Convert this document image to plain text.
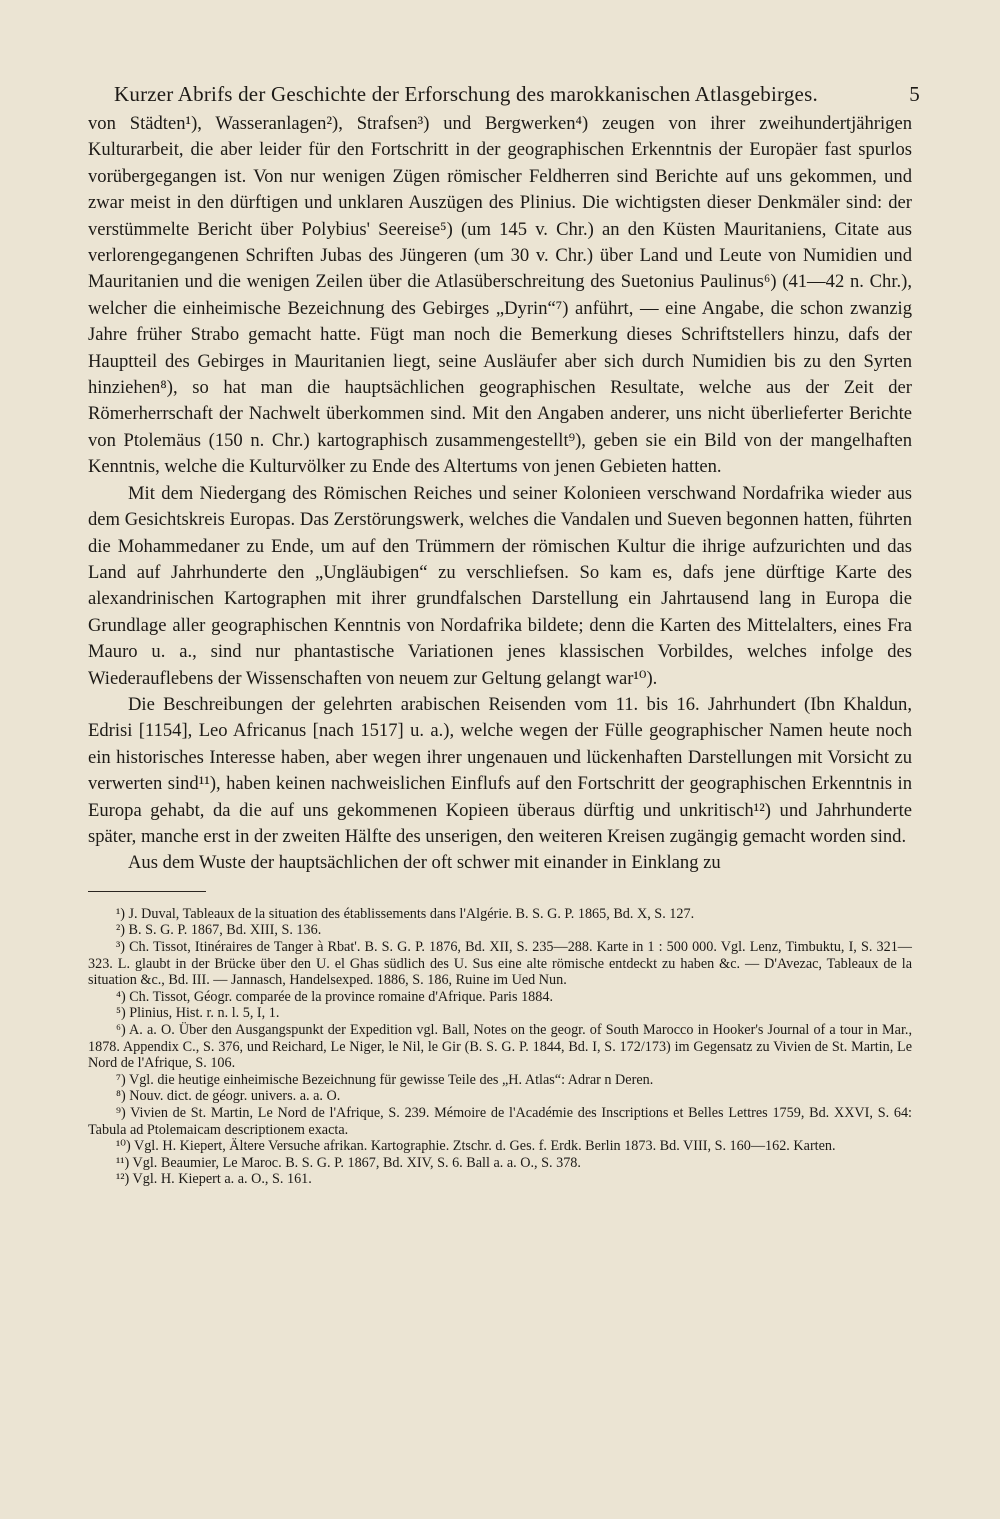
Kurzer Abrifs der Geschichte der Erforschung des marokkanischen Atlasgebirges.	5

von Städten¹), Wasseranlagen²), Strafsen³) und Bergwerken⁴) zeugen von ihrer zweihundertjährigen Kulturarbeit, die aber leider für den Fortschritt in der geographischen Erkenntnis der Europäer fast spurlos vorübergegangen ist. Von nur wenigen Zügen römischer Feldherren sind Berichte auf uns gekommen, und zwar meist in den dürftigen und unklaren Auszügen des Plinius. Die wichtigsten dieser Denkmäler sind: der verstümmelte Bericht über Polybius' Seereise⁵) (um 145 v. Chr.) an den Küsten Mauritaniens, Citate aus verlorengegangenen Schriften Jubas des Jüngeren (um 30 v. Chr.) über Land und Leute von Numidien und Mauritanien und die wenigen Zeilen über die Atlasüberschreitung des Suetonius Paulinus⁶) (41—42 n. Chr.), welcher die einheimische Bezeichnung des Gebirges „Dyrin“⁷) anführt, — eine Angabe, die schon zwanzig Jahre früher Strabo gemacht hatte. Fügt man noch die Bemerkung dieses Schriftstellers hinzu, dafs der Hauptteil des Gebirges in Mauritanien liegt, seine Ausläufer aber sich durch Numidien bis zu den Syrten hinziehen⁸), so hat man die hauptsächlichen geographischen Resultate, welche aus der Zeit der Römerherrschaft der Nachwelt überkommen sind. Mit den Angaben anderer, uns nicht überlieferter Berichte von Ptolemäus (150 n. Chr.) kartographisch zusammengestellt⁹), geben sie ein Bild von der mangelhaften Kenntnis, welche die Kulturvölker zu Ende des Altertums von jenen Gebieten hatten.

Mit dem Niedergang des Römischen Reiches und seiner Kolonieen verschwand Nordafrika wieder aus dem Gesichtskreis Europas. Das Zerstörungswerk, welches die Vandalen und Sueven begonnen hatten, führten die Mohammedaner zu Ende, um auf den Trümmern der römischen Kultur die ihrige aufzurichten und das Land auf Jahrhunderte den „Ungläubigen“ zu verschliefsen. So kam es, dafs jene dürftige Karte des alexandrinischen Kartographen mit ihrer grundfalschen Darstellung ein Jahrtausend lang in Europa die Grundlage aller geographischen Kenntnis von Nordafrika bildete; denn die Karten des Mittelalters, eines Fra Mauro u. a., sind nur phantastische Variationen jenes klassischen Vorbildes, welches infolge des Wiederauflebens der Wissenschaften von neuem zur Geltung gelangt war¹⁰).

Die Beschreibungen der gelehrten arabischen Reisenden vom 11. bis 16. Jahrhundert (Ibn Khaldun, Edrisi [1154], Leo Africanus [nach 1517] u. a.), welche wegen der Fülle geographischer Namen heute noch ein historisches Interesse haben, aber wegen ihrer ungenauen und lückenhaften Darstellungen mit Vorsicht zu verwerten sind¹¹), haben keinen nachweislichen Einflufs auf den Fortschritt der geographischen Erkenntnis in Europa gehabt, da die auf uns gekommenen Kopieen überaus dürftig und unkritisch¹²) und Jahrhunderte später, manche erst in der zweiten Hälfte des unserigen, den weiteren Kreisen zugängig gemacht worden sind.

Aus dem Wuste der hauptsächlichen der oft schwer mit einander in Einklang zu

¹) J. Duval, Tableaux de la situation des établissements dans l'Algérie. B. S. G. P. 1865, Bd. X, S. 127.

²) B. S. G. P. 1867, Bd. XIII, S. 136.

³) Ch. Tissot, Itinéraires de Tanger à Rbat'. B. S. G. P. 1876, Bd. XII, S. 235—288. Karte in 1 : 500 000. Vgl. Lenz, Timbuktu, I, S. 321—323. L. glaubt in der Brücke über den U. el Ghas südlich des U. Sus eine alte römische entdeckt zu haben &c. — D'Avezac, Tableaux de la situation &c., Bd. III. — Jannasch, Handelsexped. 1886, S. 186, Ruine im Ued Nun.

⁴) Ch. Tissot, Géogr. comparée de la province romaine d'Afrique. Paris 1884.

⁵) Plinius, Hist. r. n. l. 5, I, 1.

⁶) A. a. O. Über den Ausgangspunkt der Expedition vgl. Ball, Notes on the geogr. of South Marocco in Hooker's Journal of a tour in Mar., 1878. Appendix C., S. 376, und Reichard, Le Niger, le Nil, le Gir (B. S. G. P. 1844, Bd. I, S. 172/173) im Gegensatz zu Vivien de St. Martin, Le Nord de l'Afrique, S. 106.

⁷) Vgl. die heutige einheimische Bezeichnung für gewisse Teile des „H. Atlas“: Adrar n Deren.

⁸) Nouv. dict. de géogr. univers. a. a. O.

⁹) Vivien de St. Martin, Le Nord de l'Afrique, S. 239. Mémoire de l'Académie des Inscriptions et Belles Lettres 1759, Bd. XXVI, S. 64: Tabula ad Ptolemaicam descriptionem exacta.

¹⁰) Vgl. H. Kiepert, Ältere Versuche afrikan. Kartographie. Ztschr. d. Ges. f. Erdk. Berlin 1873. Bd. VIII, S. 160—162. Karten.

¹¹) Vgl. Beaumier, Le Maroc. B. S. G. P. 1867, Bd. XIV, S. 6. Ball a. a. O., S. 378.

¹²) Vgl. H. Kiepert a. a. O., S. 161.
